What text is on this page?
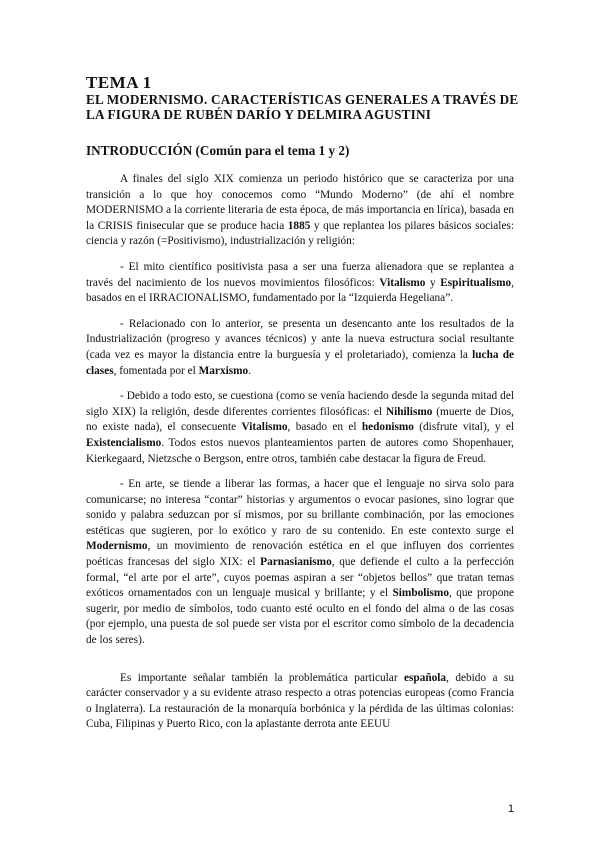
TEMA 1
EL MODERNISMO. CARACTERÍSTICAS GENERALES A TRAVÉS DE
LA FIGURA DE RUBÉN DARÍO Y DELMIRA AGUSTINI
INTRODUCCIÓN (Común para el tema 1 y 2)

A finales del siglo XIX comienza un periodo histórico que se caracteriza por una transición a lo que hoy conocemos como “Mundo Moderno” (de ahí el nombre MODERNISMO a la corriente literaria de esta época, de más importancia en lírica), basada en la CRISIS finisecular que se produce hacia 1885 y que replantea los pilares básicos sociales: ciencia y razón (=Positivismo), industrialización y religión:

- El mito científico positivista pasa a ser una fuerza alienadora que se replantea a través del nacimiento de los nuevos movimientos filosóficos: Vitalismo y Espiritualismo, basados en el IRRACIONALISMO, fundamentado por la “Izquierda Hegeliana”.

- Relacionado con lo anterior, se presenta un desencanto ante los resultados de la Industrialización (progreso y avances técnicos) y ante la nueva estructura social resultante (cada vez es mayor la distancia entre la burguesía y el proletariado), comienza la lucha de clases, fomentada por el Marxismo.

- Debido a todo esto, se cuestiona (como se venía haciendo desde la segunda mitad del siglo XIX) la religión, desde diferentes corrientes filosóficas: el Nihilismo (muerte de Dios, no existe nada), el consecuente Vitalismo, basado en el hedonismo (disfrute vital), y el Existencialismo. Todos estos nuevos planteamientos parten de autores como Shopenhauer, Kierkegaard, Nietzsche o Bergson, entre otros, también cabe destacar la figura de Freud.

- En arte, se tiende a liberar las formas, a hacer que el lenguaje no sirva solo para comunicarse; no interesa “contar” historias y argumentos o evocar pasiones, sino lograr que sonido y palabra seduzcan por sí mismos, por su brillante combinación, por las emociones estéticas que sugieren, por lo exótico y raro de su contenido. En este contexto surge el Modernismo, un movimiento de renovación estética en el que influyen dos corrientes poéticas francesas del siglo XIX: el Parnasianismo, que defiende el culto a la perfección formal, “el arte por el arte”, cuyos poemas aspiran a ser “objetos bellos” que tratan temas exóticos ornamentados con un lenguaje musical y brillante; y el Simbolismo, que propone sugerir, por medio de símbolos, todo cuanto esté oculto en el fondo del alma o de las cosas (por ejemplo, una puesta de sol puede ser vista por el escritor como símbolo de la decadencia de los seres).

Es importante señalar también la problemática particular española, debido a su carácter conservador y a su evidente atraso respecto a otras potencias europeas (como Francia o Inglaterra). La restauración de la monarquía borbónica y la pérdida de las últimas colonias: Cuba, Filipinas y Puerto Rico, con la aplastante derrota ante EEUU

1
